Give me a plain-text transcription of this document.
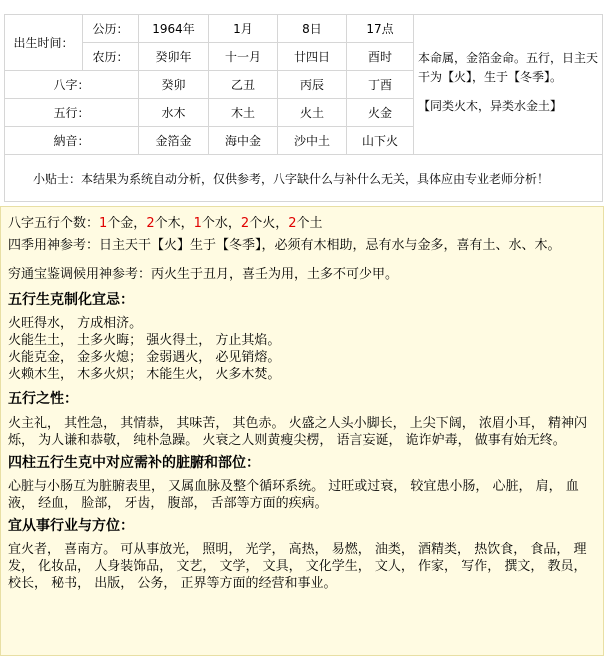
出生时间：	公历：	1964年	1月	8日	17点	本命属，金箔金命。五行，日主天干为【火】，生于【冬季】。
【同类火木，异类水金土】

	农历：	癸卯年	十一月	廿四日	酉时	
八字：		癸卯	乙丑	丙辰	丁酉	
五行：		水木	木土	火土	火金	
納音：		金箔金	海中金	沙中土	山下火	
小贴士：本结果为系统自动分析，仅供参考，八字缺什么与补什么无关，具体应由专业老师分析！						

八字五行个数：1个金，2个木，1个水，2个火，2个土

四季用神参考：日主天干【火】生于【冬季】，必须有木相助，忌有水与金多，喜有土、水、木。

穷通宝鉴调候用神参考：丙火生于丑月，喜壬为用，土多不可少甲。

五行生克制化宜忌：

火旺得水， 方成相济。

火能生土， 土多火晦； 强火得土， 方止其焰。

火能克金， 金多火熄； 金弱遇火， 必见销熔。

火赖木生， 木多火炽； 木能生火， 火多木焚。

五行之性：

火主礼， 其性急， 其情恭， 其味苦， 其色赤。 火盛之人头小脚长， 上尖下阔， 浓眉小耳， 精神闪烁， 为人谦和恭敬， 纯朴急躁。 火衰之人则黄瘦尖楞， 语言妄诞， 诡诈妒毒， 做事有始无终。

四柱五行生克中对应需补的脏腑和部位：

心脏与小肠互为脏腑表里， 又属血脉及整个循环系统。 过旺或过衰， 较宜患小肠， 心脏， 肩， 血液， 经血， 脸部， 牙齿， 腹部， 舌部等方面的疾病。

宜从事行业与方位：

宜火者， 喜南方。 可从事放光， 照明， 光学， 高热， 易燃， 油类， 酒精类， 热饮食， 食品， 理发， 化妆品， 人身装饰品， 文艺， 文学， 文具， 文化学生， 文人， 作家， 写作， 撰文， 教员， 校长， 秘书， 出版， 公务， 正界等方面的经营和事业。
